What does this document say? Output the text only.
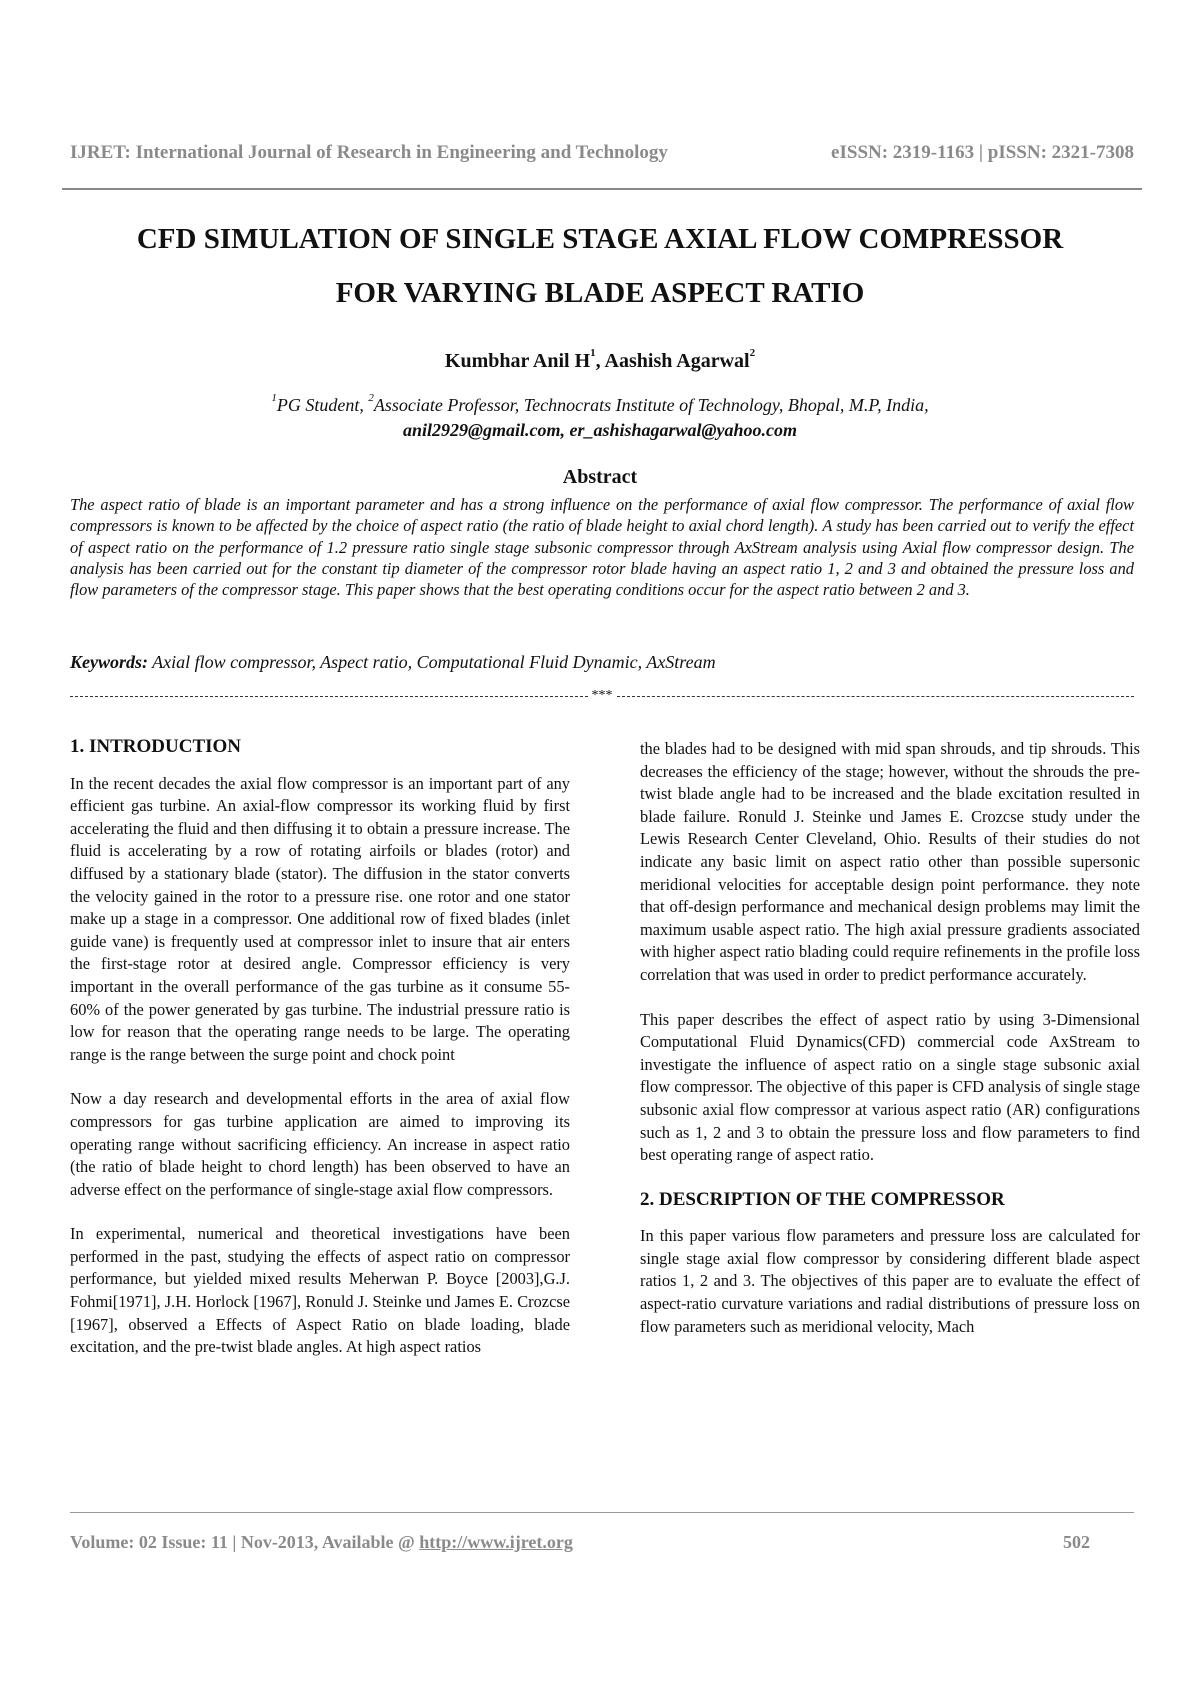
IJRET: International Journal of Research in Engineering and Technology	eISSN: 2319-1163 | pISSN: 2321-7308
CFD SIMULATION OF SINGLE STAGE AXIAL FLOW COMPRESSOR
FOR VARYING BLADE ASPECT RATIO
Kumbhar Anil $H^1$, Aashish Agarwal$^2$
$^1$PG Student, $^2$Associate Professor, Technocrats Institute of Technology, Bhopal, M.P, India,
anil2929@gmail.com, er_ashishagarwal@yahoo.com
Abstract

The aspect ratio of blade is an important parameter and has a strong influence on the performance of axial flow compressor. The performance of axial flow compressors is known to be affected by the choice of aspect ratio (the ratio of blade height to axial chord length). A study has been carried out to verify the effect of aspect ratio on the performance of 1.2 pressure ratio single stage subsonic compressor through AxStream analysis using Axial flow compressor design. The analysis has been carried out for the constant tip diameter of the compressor rotor blade having an aspect ratio 1, 2 and 3 and obtained the pressure loss and flow parameters of the compressor stage. This paper shows that the best operating conditions occur for the aspect ratio between 2 and 3.

Keywords: Axial flow compressor, Aspect ratio, Computational Fluid Dynamic, AxStream
***
1. INTRODUCTION

In the recent decades the axial flow compressor is an important part of any efficient gas turbine. An axial-flow compressor its working fluid by first accelerating the fluid and then diffusing it to obtain a pressure increase. The fluid is accelerating by a row of rotating airfoils or blades (rotor) and diffused by a stationary blade (stator). The diffusion in the stator converts the velocity gained in the rotor to a pressure rise. one rotor and one stator make up a stage in a compressor. One additional row of fixed blades (inlet guide vane) is frequently used at compressor inlet to insure that air enters the first-stage rotor at desired angle. Compressor efficiency is very important in the overall performance of the gas turbine as it consume 55-60% of the power generated by gas turbine. The industrial pressure ratio is low for reason that the operating range needs to be large. The operating range is the range between the surge point and chock point

Now a day research and developmental efforts in the area of axial flow compressors for gas turbine application are aimed to improving its operating range without sacrificing efficiency. An increase in aspect ratio (the ratio of blade height to chord length) has been observed to have an adverse effect on the performance of single-stage axial flow compressors.

In experimental, numerical and theoretical investigations have been performed in the past, studying the effects of aspect ratio on compressor performance, but yielded mixed results Meherwan P. Boyce [2003],G.J. Fohmi[1971], J.H. Horlock [1967], Ronuld J. Steinke und James E. Crozcse [1967], observed a Effects of Aspect Ratio on blade loading, blade excitation, and the pre-twist blade angles. At high aspect ratios

the blades had to be designed with mid span shrouds, and tip shrouds. This decreases the efficiency of the stage; however, without the shrouds the pre-twist blade angle had to be increased and the blade excitation resulted in blade failure. Ronuld J. Steinke und James E. Crozcse study under the Lewis Research Center Cleveland, Ohio. Results of their studies do not indicate any basic limit on aspect ratio other than possible supersonic meridional velocities for acceptable design point performance. they note that off-design performance and mechanical design problems may limit the maximum usable aspect ratio. The high axial pressure gradients associated with higher aspect ratio blading could require refinements in the profile loss correlation that was used in order to predict performance accurately.

This paper describes the effect of aspect ratio by using 3-Dimensional Computational Fluid Dynamics(CFD) commercial code AxStream to investigate the influence of aspect ratio on a single stage subsonic axial flow compressor. The objective of this paper is CFD analysis of single stage subsonic axial flow compressor at various aspect ratio (AR) configurations such as 1, 2 and 3 to obtain the pressure loss and flow parameters to find best operating range of aspect ratio.

2. DESCRIPTION OF THE COMPRESSOR

In this paper various flow parameters and pressure loss are calculated for single stage axial flow compressor by considering different blade aspect ratios 1, 2 and 3. The objectives of this paper are to evaluate the effect of aspect-ratio curvature variations and radial distributions of pressure loss on flow parameters such as meridional velocity, Mach

Volume: 02 Issue: 11 | Nov-2013, Available @ http://www.ijret.org	502
